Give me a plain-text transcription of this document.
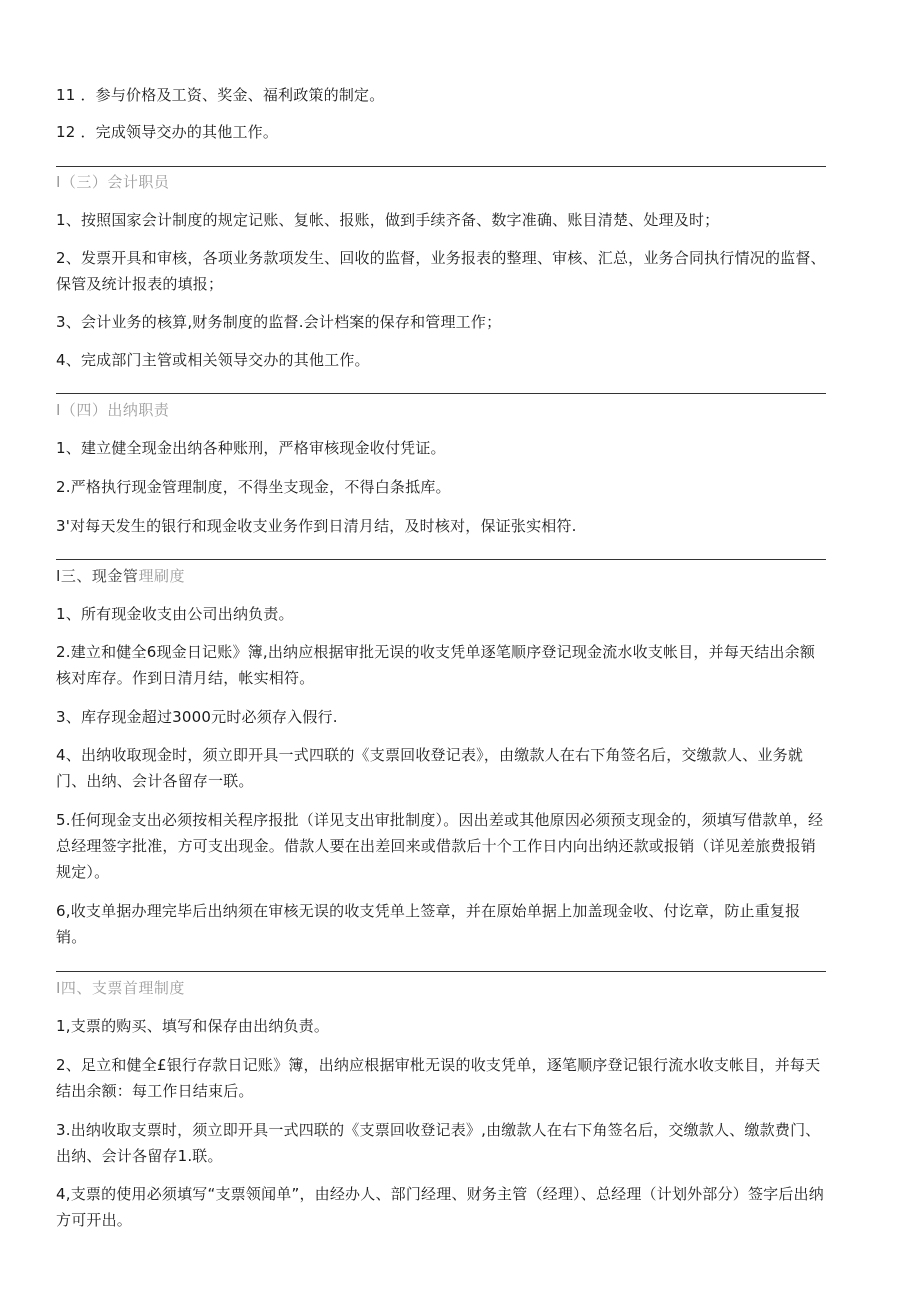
11 ．参与价格及工资、奖金、福利政策的制定。

12 ．完成领导交办的其他工作。

I（三）会计职员

1、按照国家会计制度的规定记账、复帐、报账，做到手续齐备、数字准确、账目清楚、处理及时；

2、发票开具和审核，各项业务款项发生、回收的监督，业务报表的整理、审核、汇总，业务合同执行情况的监督、保管及统计报表的填报；

3、会计业务的核算,财务制度的监督.会计档案的保存和管理工作；

4、完成部门主管或相关领导交办的其他工作。

I（四）出纳职责

1、建立健全现金出纳各种账刑，严格审核现金收付凭证。

2.严格执行现金管理制度，不得坐支现金，不得白条抵库。

3'对每天发生的银行和现金收支业务作到日清月结，及时核对，保证张实相符.

I三、现金管理刷度

1、所有现金收支由公司出纳负责。

2.建立和健全6现金日记账》簿,出纳应根据审批无误的收支凭单逐笔顺序登记现金流水收支帐目，并每天结出余额核对库存。作到日清月结，帐实相符。

3、库存现金超过3000元时必须存入假行.

4、出纳收取现金时，须立即开具一式四联的《支票回收登记表》，由缴款人在右下角签名后，交缴款人、业务就门、出纳、会计各留存一联。

5.任何现金支出必须按相关程序报批（详见支出审批制度）。因出差或其他原因必须预支现金的，须填写借款单，经总经理签字批准，方可支出现金。借款人要在出差回来或借款后十个工作日内向出纳还款或报销（详见差旅费报销规定）。

6,收支单据办理完毕后出纳须在审核无误的收支凭单上签章，并在原始单据上加盖现金收、付讫章，防止重复报销。

I四、支票首理制度

1,支票的购买、填写和保存由出纳负责。

2、足立和健全£银行存款日记账》簿，出纳应根据审枇无误的收支凭单，逐笔顺序登记银行流水收支帐目，并每天结出余额：每工作日结束后。

3.出纳收取支票时，须立即开具一式四联的《支票回收登记表》,由缴款人在右下角签名后，交缴款人、缴款费门、出纳、会计各留存1.联。

4,支票的使用必须填写“支票领闻单”，由经办人、部门经理、财务主管（经理）、总经理（计划外部分）签字后出纳方可开出。
